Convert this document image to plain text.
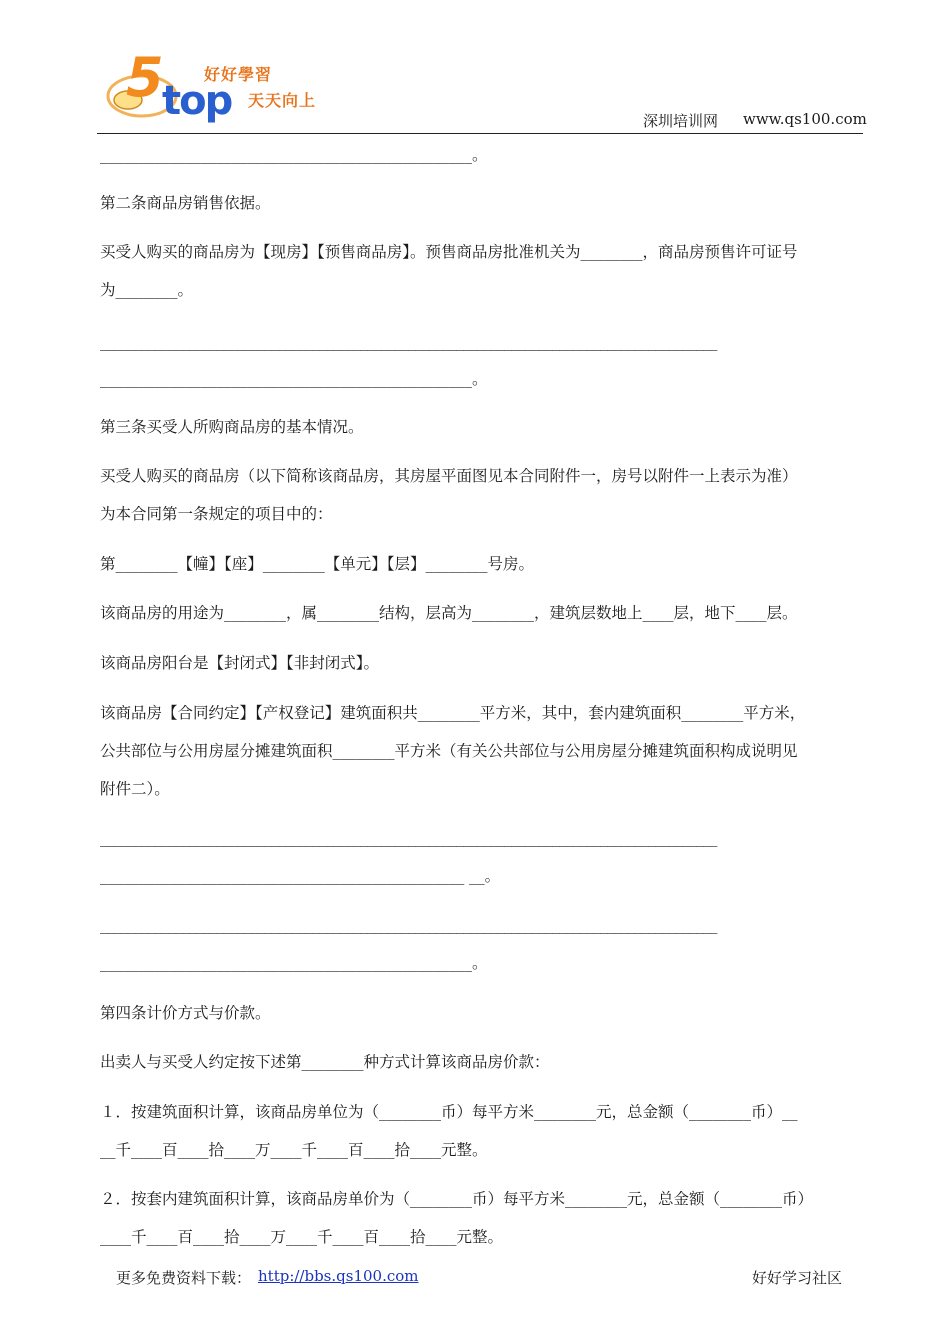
5
top
好好學習
天天向上
深圳培训网 www.qs100.com
________________________________________________。
第二条商品房销售依据。
买受人购买的商品房为【现房】【预售商品房】。预售商品房批准机关为________，商品房预售许可证号
为________。
__________________________________________________________________________________________
________________________________________________。
第三条买受人所购商品房的基本情况。
买受人购买的商品房（以下简称该商品房，其房屋平面图见本合同附件一，房号以附件一上表示为准）
为本合同第一条规定的项目中的：
第________【幢】【座】________【单元】【层】________号房。
该商品房的用途为________，属________结构，层高为________，建筑层数地上____层，地下____层。
该商品房阳台是【封闭式】【非封闭式】。
该商品房【合同约定】【产权登记】建筑面积共________平方米，其中，套内建筑面积________平方米，
公共部位与公用房屋分摊建筑面积________平方米（有关公共部位与公用房屋分摊建筑面积构成说明见
附件二）。
__________________________________________________________________________________________
_______________________________________________ __。
__________________________________________________________________________________________
________________________________________________。
第四条计价方式与价款。
出卖人与买受人约定按下述第________种方式计算该商品房价款：
１．按建筑面积计算，该商品房单位为（________币）每平方米________元，总金额（________币）__
__千____百____拾____万____千____百____拾____元整。
２．按套内建筑面积计算，该商品房单价为（________币）每平方米________元，总金额（________币）
____千____百____拾____万____千____百____拾____元整。
更多免费资料下载： http://bbs.qs100.com	好好学习社区
